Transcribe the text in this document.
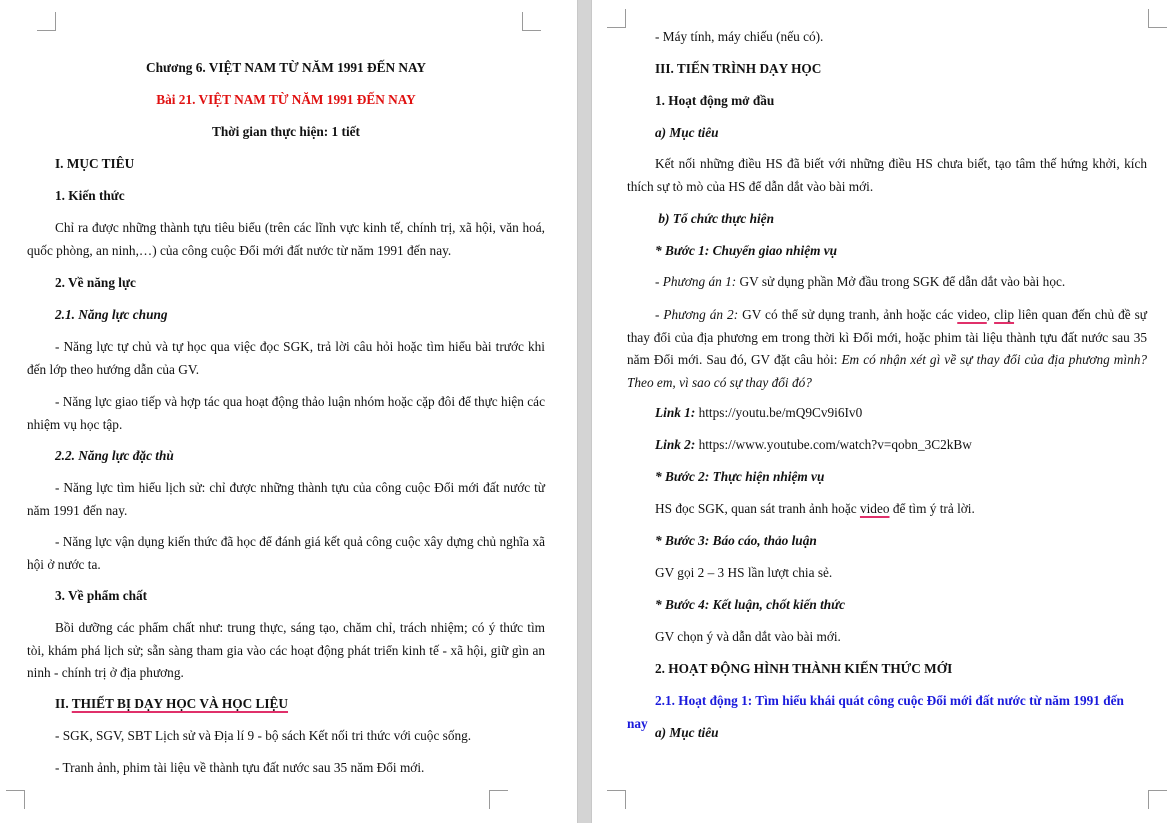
Chương 6. VIỆT NAM TỪ NĂM 1991 ĐẾN NAY
Bài 21. VIỆT NAM TỪ NĂM 1991 ĐẾN NAY
Thời gian thực hiện: 1 tiết
I. MỤC TIÊU
1. Kiến thức
Chỉ ra được những thành tựu tiêu biểu (trên các lĩnh vực kinh tế, chính trị, xã hội, văn hoá, quốc phòng, an ninh,…) của công cuộc Đổi mới đất nước từ năm 1991 đến nay.
2. Về năng lực
2.1. Năng lực chung
- Năng lực tự chủ và tự học qua việc đọc SGK, trả lời câu hỏi hoặc tìm hiểu bài trước khi đến lớp theo hướng dẫn của GV.
- Năng lực giao tiếp và hợp tác qua hoạt động thảo luận nhóm hoặc cặp đôi để thực hiện các nhiệm vụ học tập.
2.2. Năng lực đặc thù
- Năng lực tìm hiểu lịch sử: chỉ được những thành tựu của công cuộc Đổi mới đất nước từ năm 1991 đến nay.
- Năng lực vận dụng kiến thức đã học để đánh giá kết quả công cuộc xây dựng chủ nghĩa xã hội ở nước ta.
3. Về phẩm chất
Bồi dưỡng các phẩm chất như: trung thực, sáng tạo, chăm chỉ, trách nhiệm; có ý thức tìm tòi, khám phá lịch sử; sẵn sàng tham gia vào các hoạt động phát triển kinh tế - xã hội, giữ gìn an ninh - chính trị ở địa phương.
II. THIẾT BỊ DẠY HỌC VÀ HỌC LIỆU
- SGK, SGV, SBT Lịch sử và Địa lí 9 - bộ sách Kết nối tri thức với cuộc sống.
- Tranh ảnh, phim tài liệu về thành tựu đất nước sau 35 năm Đổi mới.
- Máy tính, máy chiếu (nếu có).
III. TIẾN TRÌNH DẠY HỌC
1. Hoạt động mở đầu
a) Mục tiêu
Kết nối những điều HS đã biết với những điều HS chưa biết, tạo tâm thế hứng khởi, kích thích sự tò mò của HS để dẫn dắt vào bài mới.
b) Tổ chức thực hiện
* Bước 1: Chuyển giao nhiệm vụ
- Phương án 1: GV sử dụng phần Mở đầu trong SGK để dẫn dắt vào bài học.
- Phương án 2: GV có thể sử dụng tranh, ảnh hoặc các video, clip liên quan đến chủ đề sự thay đổi của địa phương em trong thời kì Đổi mới, hoặc phim tài liệu thành tựu đất nước sau 35 năm Đổi mới. Sau đó, GV đặt câu hỏi: Em có nhận xét gì về sự thay đổi của địa phương mình? Theo em, vì sao có sự thay đổi đó?
Link 1: https://youtu.be/mQ9Cv9i6Iv0
Link 2: https://www.youtube.com/watch?v=qobn_3C2kBw
* Bước 2: Thực hiện nhiệm vụ
HS đọc SGK, quan sát tranh ảnh hoặc video để tìm ý trả lời.
* Bước 3: Báo cáo, thảo luận
GV gọi 2 – 3 HS lần lượt chia sẻ.
* Bước 4: Kết luận, chốt kiến thức
GV chọn ý và dẫn dắt vào bài mới.
2. HOẠT ĐỘNG HÌNH THÀNH KIẾN THỨC MỚI
2.1. Hoạt động 1: Tìm hiểu khái quát công cuộc Đổi mới đất nước từ năm 1991 đến nay
a) Mục tiêu
